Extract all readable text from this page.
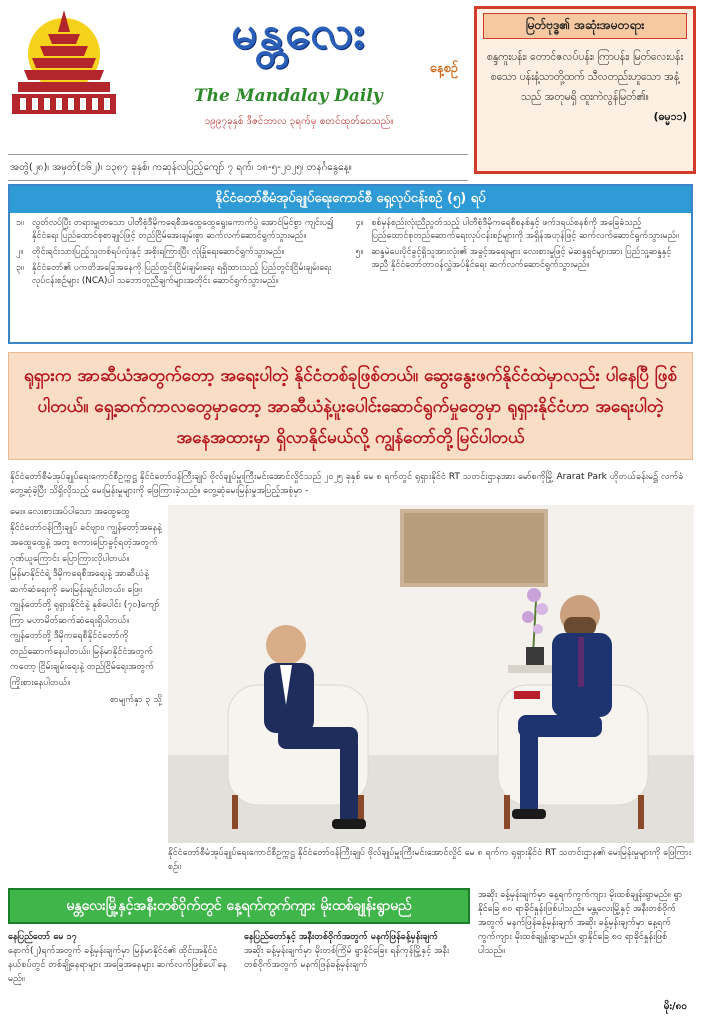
မန္တလေး
နေ့စဉ်
The Mandalay Daily
၁၉၉၇ခုနှစ် ဒီဇင်ဘာလ ၃ရက်မှ စတင်ထုတ်ဝေသည်။
မြတ်ဗုဒ္ဓ၏ အဆုံးအမတရား
စန္ဒကူးပန်း၊ တောင်ဇလပ်ပန်း၊ ကြာပန်း၊ မြတ်လေးပန်း စသော ပန်းနံ့သာတို့ထက် သီလတည်းဟူသော အနံ့သည် အတုမရှိ ထူးကဲလွန်မြတ်၏။
(ဓမ္မ၁၁)
အတွဲ(၂၈)၊ အမှတ်(၁၆၂)၊ ၁၃၈၇ ခုနှစ်၊ ကဆုန်လပြည့်ကျော် ၇ ရက်၊ ၁၈-၅-၂၀၂၅၊ တနင်္ဂနွေနေ့။
နိုင်ငံတော်စီမံအုပ်ချုပ်ရေးကောင်စီ ရှေ့လုပ်ငန်းစဉ် (၅) ရပ်
၁။ လွတ်လပ်ပြီး တရားမျှတသော ပါတီစုံဒီမိုကရေစီအထွေထွေရွေးကောက်ပွဲ အောင်မြင်စွာ ကျင်းပ၍ နိုင်ငံရေး ပြည်ထောင်စုစာချုပ်ဖြင့် တည်ငြိမ်အေးချမ်းစွာ ဆက်လက်ဆောင်ရွက်သွားမည်။
၂။	တိုင်းရင်းသားပြည့်သူတစ်ရပ်လုံးနှင့် အစိုးရကြားပြီး လုံခြုံရေးဆောင်ရွက်သွားမည်။
၃။ နိုင်ငံတော်၏ ပကတိအခြေအနေကို ပြည်တွင်းငြိမ်းချမ်းရေး ရရှိထားသည့် ပြည်တွင်းငြိမ်းချမ်းရေးလုပ်ငန်းစဉ်များ (NCA)ပါ သဘောတူညီချက်များအတိုင်း ဆောင်ရွက်သွားမည်။
၄။ စစ်မှန်စည်းလုံးညီညွတ်သည့် ပါတီစုံဒီမိုကရေစီစနစ်နှင့် ဖက်ဒရယ်စနစ်ကို အခြေခံသည့် ပြည်ထောင်စုတည်ဆောက်ရေးလုပ်ငန်းစဉ်များကို အရှိန်အဟုန်ဖြင့် ဆက်လက်ဆောင်ရွက်သွားမည်။
၅။ ဆန္ဒမဲပေးပိုင်ခွင့်ရှိသူအားလုံး၏ အခွင့်အရေးများ လေးစားမှုဖြင့် မဲဆန္ဒရှင်များအား ပြည်သူ့ဆန္ဒနှင့်အညီ နိုင်ငံတော်တာဝန်လွှဲအပ်နိုင်ရေး ဆက်လက်ဆောင်ရွက်သွားမည်။
ရုရှားက အာဆီယံအတွက်တော့ အရေးပါတဲ့ နိုင်ငံတစ်ခုဖြစ်တယ်။ ဆွေးနွေးဖက်နိုင်ငံထဲမှာလည်း ပါနေပြီ ဖြစ်ပါတယ်။ ရှေ့ဆက်ကာလတွေမှာတော့ အာဆီယံနဲ့ပူးပေါင်းဆောင်ရွက်မှုတွေမှာ ရုရှားနိုင်ငံဟာ အရေးပါတဲ့အနေအထားမှာ ရှိလာနိုင်မယ်လို့ ကျွန်တော်တို့မြင်ပါတယ်
နိုင်ငံတော်စီမံအုပ်ချုပ်ရေးကောင်စီဥက္ကဋ္ဌ နိုင်ငံတော်ဝန်ကြီးချုပ် ဗိုလ်ချုပ်မှူးကြီးမင်းအောင်လှိုင်သည် ၂၀၂၅ ခုနှစ် မေ ၈ ရက်တွင် ရုရှားနိုင်ငံ RT သတင်းဌာနအား မော်စကိုမြို့ Ararat Park ဟိုတယ်ခန်းမ၌ လက်ခံတွေ့ဆုံခဲ့ပြီး သိရှိလိုသည့် မေးမြန်းမှုများကို ဖြေကြားခဲ့သည်။ တွေ့ဆုံမေးမြန်းမှုအပြည့်အစုံမှာ -
မေး။ လေးစားအပ်ပါသော အထွေထွေ နိုင်ငံတော်ဝန်ကြီးချုပ် ခင်ဗျား၊ ကျွန်တော့်အနေနဲ့ အထွေထွေနဲ့ အတူ စကားပြောခွင့်ရတဲ့အတွက် ဂုဏ်ယူကြောင်း ပြောကြားလိုပါတယ်။ မြန်မာနိုင်ငံရဲ့ ဒီမိုကရေစီအရေးနဲ့ အာဆီယံနဲ့ ဆက်ဆံရေးကို မေးမြန်းချင်ပါတယ်။ ဖြေ။ ကျွန်တော်တို့ ရုရှားနိုင်ငံနဲ့ နှစ်ပေါင်း (၇၀)ကျော်ကြာ မဟာမိတ်ဆက်ဆံရေးရှိပါတယ်။ ကျွန်တော်တို့ ဒီမိုကရေစီနိုင်ငံတော်ကို တည်ဆောက်နေပါတယ်။ မြန်မာနိုင်ငံအတွက်ကတော့ ငြိမ်းချမ်းရေးနဲ့ တည်ငြိမ်ရေးအတွက် ကြိုးစားနေပါတယ်။
စာမျက်နှာ ၃ သို့
နိုင်ငံတော်စီမံအုပ်ချုပ်ရေးကောင်စီဥက္ကဋ္ဌ နိုင်ငံတော်ဝန်ကြီးချုပ် ဗိုလ်ချုပ်မှူးကြီးမင်းအောင်လှိုင် မေ ၈ ရက်က ရုရှားနိုင်ငံ RT သတင်းဌာန၏ မေးမြန်းမှုများကို ဖြေကြားစဉ်။
မန္တလေးမြို့နှင့်အနီးတစ်ဝိုက်တွင် နေ့ရက်ကွက်ကျား မိုးထစ်ချုန်းရွာမည်
နေပြည်တော် မေ ၁၇
နောက်(၂)ရက်အတွက် ခန့်မှန်းချက်မှာ မြန်မာနိုင်ငံ၏ ထိုင်းအနိုင်ငံနယ်စပ်တွင် တစ်ချို့နေရာများ အခြေအနေများ ဆက်လက်ဖြစ်ပေါ်နေမည်။
နေပြည်တော်နှင့် အနီးတစ်ဝိုက်အတွက် မနက်ဖြန်ခန့်မှန်းချက်
အဆိုး ခန့်မှန်းချက်မှာ မိုးတစ်ကြိမ် ရွာနိုင်ခြေ။ ရန်ကုန်မြို့နှင့် အနီးတစ်ဝိုက်အတွက် မနက်ဖြန်ခန့်မှန်းချက်
အဆိုး ခန့်မှန်းချက်မှာ နေ့ရက်ကွက်ကျား မိုးထစ်ချုန်းရွာမည်။ ရွာနိုင်ခြေ ၈၀ ရာခိုင်နှုန်းဖြစ်ပါသည်။ မန္တလေးမြို့နှင့် အနီးတစ်ဝိုက်အတွက် မနက်ဖြန်ခန့်မှန်းချက် အဆိုး ခန့်မှန်းချက်မှာ နေ့ရက်ကွက်ကျား မိုးထစ်ချုန်းရွာမည်။ ရွာနိုင်ခြေ ၈၀ ရာခိုင်နှုန်းဖြစ်ပါသည်။
မိုး/၈၀
